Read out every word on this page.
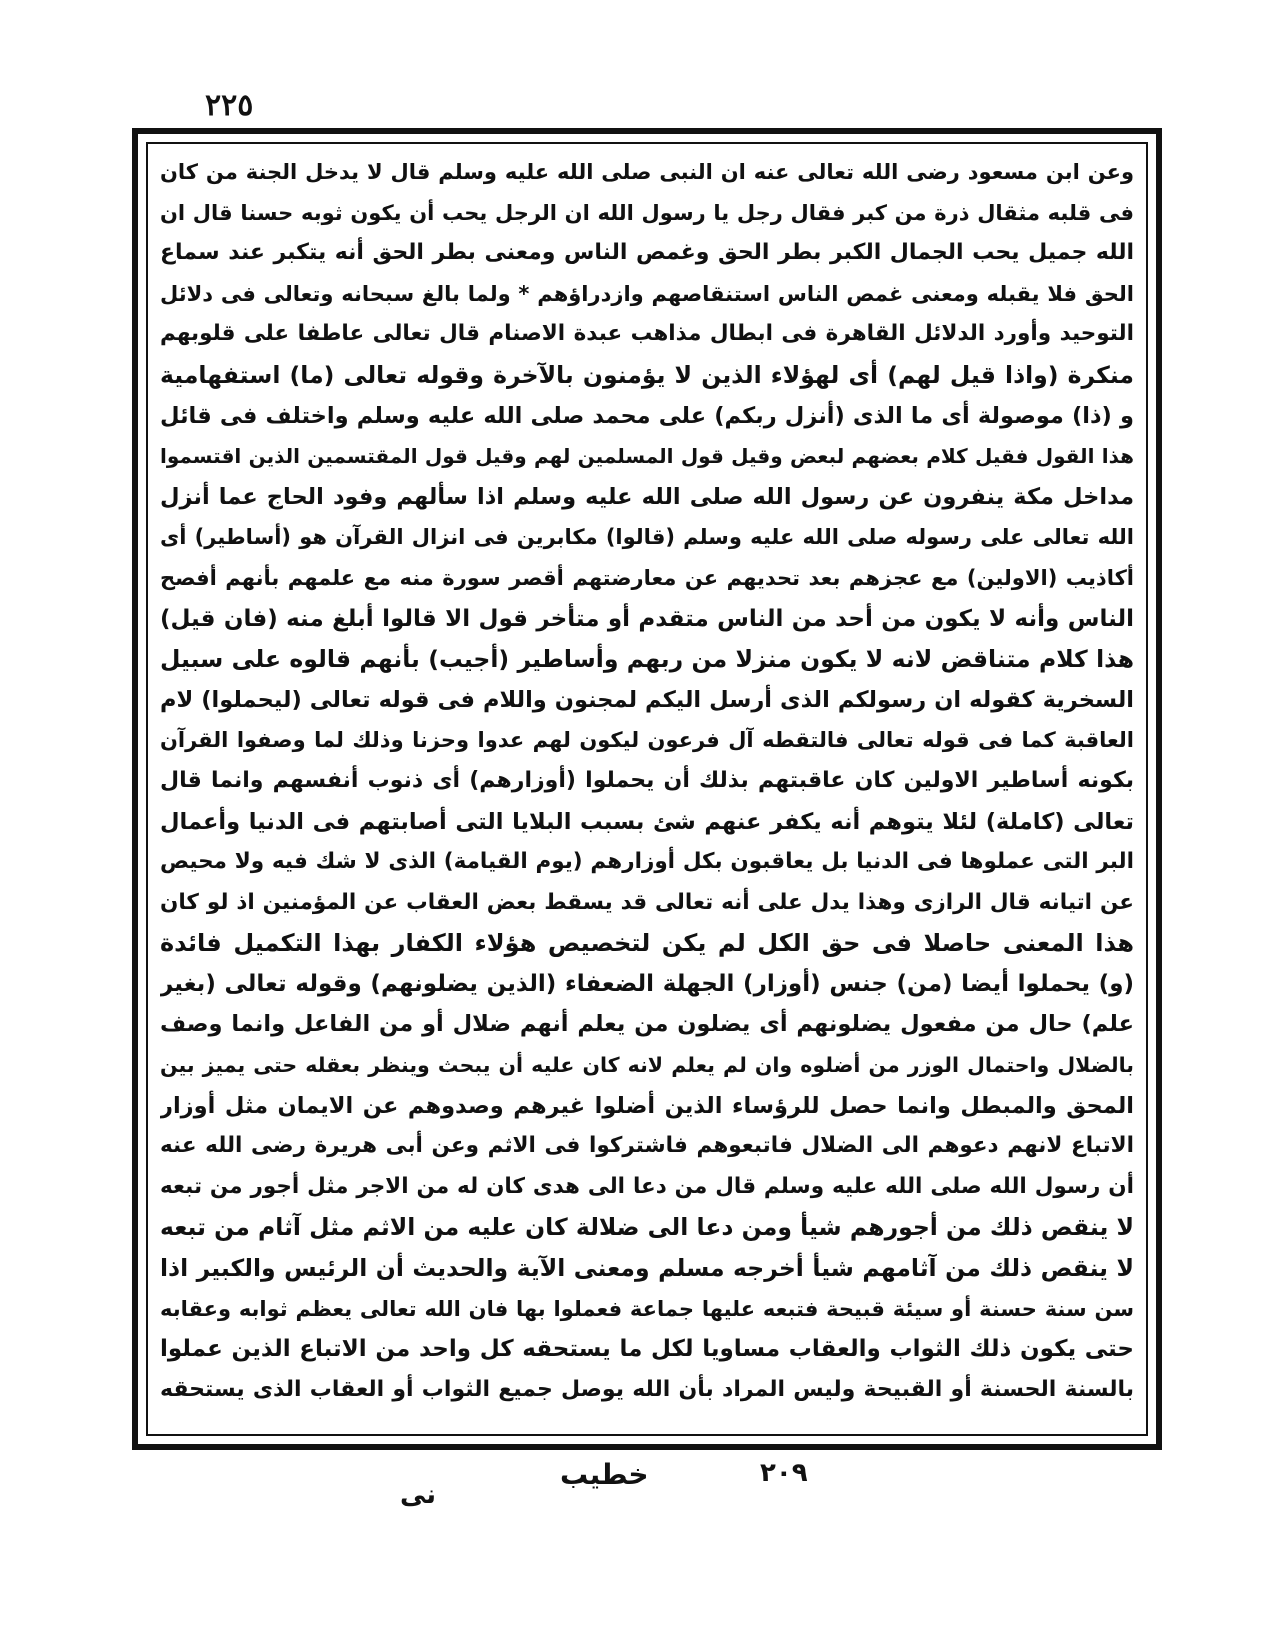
٢٢٥
وعن ابن مسعود رضى الله تعالى عنه ان النبى صلى الله عليه وسلم قال لا يدخل الجنة من كان
فى قلبه مثقال ذرة من كبر فقال رجل يا رسول الله ان الرجل يحب أن يكون ثوبه حسنا قال ان
الله جميل يحب الجمال الكبر بطر الحق وغمص الناس ومعنى بطر الحق أنه يتكبر عند سماع
الحق فلا يقبله ومعنى غمص الناس استنقاصهم وازدراؤهم * ولما بالغ سبحانه وتعالى فى دلائل
التوحيد وأورد الدلائل القاهرة فى ابطال مذاهب عبدة الاصنام قال تعالى عاطفا على قلوبهم
منكرة (واذا قيل لهم) أى لهؤلاء الذين لا يؤمنون بالآخرة وقوله تعالى (ما) استفهامية
و (ذا) موصولة أى ما الذى (أنزل ربكم) على محمد صلى الله عليه وسلم واختلف فى قائل
هذا القول فقيل كلام بعضهم لبعض وقيل قول المسلمين لهم وقيل قول المقتسمين الذين اقتسموا
مداخل مكة ينفرون عن رسول الله صلى الله عليه وسلم اذا سألهم وفود الحاج عما أنزل
الله تعالى على رسوله صلى الله عليه وسلم (قالوا) مكابرين فى انزال القرآن هو (أساطير) أى
أكاذيب (الاولين) مع عجزهم بعد تحديهم عن معارضتهم أقصر سورة منه مع علمهم بأنهم أفصح
الناس وأنه لا يكون من أحد من الناس متقدم أو متأخر قول الا قالوا أبلغ منه (فان قيل)
هذا كلام متناقض لانه لا يكون منزلا من ربهم وأساطير (أجيب) بأنهم قالوه على سبيل
السخرية كقوله ان رسولكم الذى أرسل اليكم لمجنون واللام فى قوله تعالى (ليحملوا) لام
العاقبة كما فى قوله تعالى فالتقطه آل فرعون ليكون لهم عدوا وحزنا وذلك لما وصفوا القرآن
بكونه أساطير الاولين كان عاقبتهم بذلك أن يحملوا (أوزارهم) أى ذنوب أنفسهم وانما قال
تعالى (كاملة) لئلا يتوهم أنه يكفر عنهم شئ بسبب البلايا التى أصابتهم فى الدنيا وأعمال
البر التى عملوها فى الدنيا بل يعاقبون بكل أوزارهم (يوم القيامة) الذى لا شك فيه ولا محيص
عن اتيانه قال الرازى وهذا يدل على أنه تعالى قد يسقط بعض العقاب عن المؤمنين اذ لو كان
هذا المعنى حاصلا فى حق الكل لم يكن لتخصيص هؤلاء الكفار بهذا التكميل فائدة
(و) يحملوا أيضا (من) جنس (أوزار) الجهلة الضعفاء (الذين يضلونهم) وقوله تعالى (بغير
علم) حال من مفعول يضلونهم أى يضلون من يعلم أنهم ضلال أو من الفاعل وانما وصف
بالضلال واحتمال الوزر من أضلوه وان لم يعلم لانه كان عليه أن يبحث وينظر بعقله حتى يميز بين
المحق والمبطل وانما حصل للرؤساء الذين أضلوا غيرهم وصدوهم عن الايمان مثل أوزار
الاتباع لانهم دعوهم الى الضلال فاتبعوهم فاشتركوا فى الاثم وعن أبى هريرة رضى الله عنه
أن رسول الله صلى الله عليه وسلم قال من دعا الى هدى كان له من الاجر مثل أجور من تبعه
لا ينقص ذلك من أجورهم شيأ ومن دعا الى ضلالة كان عليه من الاثم مثل آثام من تبعه
لا ينقص ذلك من آثامهم شيأ أخرجه مسلم ومعنى الآية والحديث أن الرئيس والكبير اذا
سن سنة حسنة أو سيئة قبيحة فتبعه عليها جماعة فعملوا بها فان الله تعالى يعظم ثوابه وعقابه
حتى يكون ذلك الثواب والعقاب مساويا لكل ما يستحقه كل واحد من الاتباع الذين عملوا
بالسنة الحسنة أو القبيحة وليس المراد بأن الله يوصل جميع الثواب أو العقاب الذى يستحقه
٢٠٩
خطيب
نى
